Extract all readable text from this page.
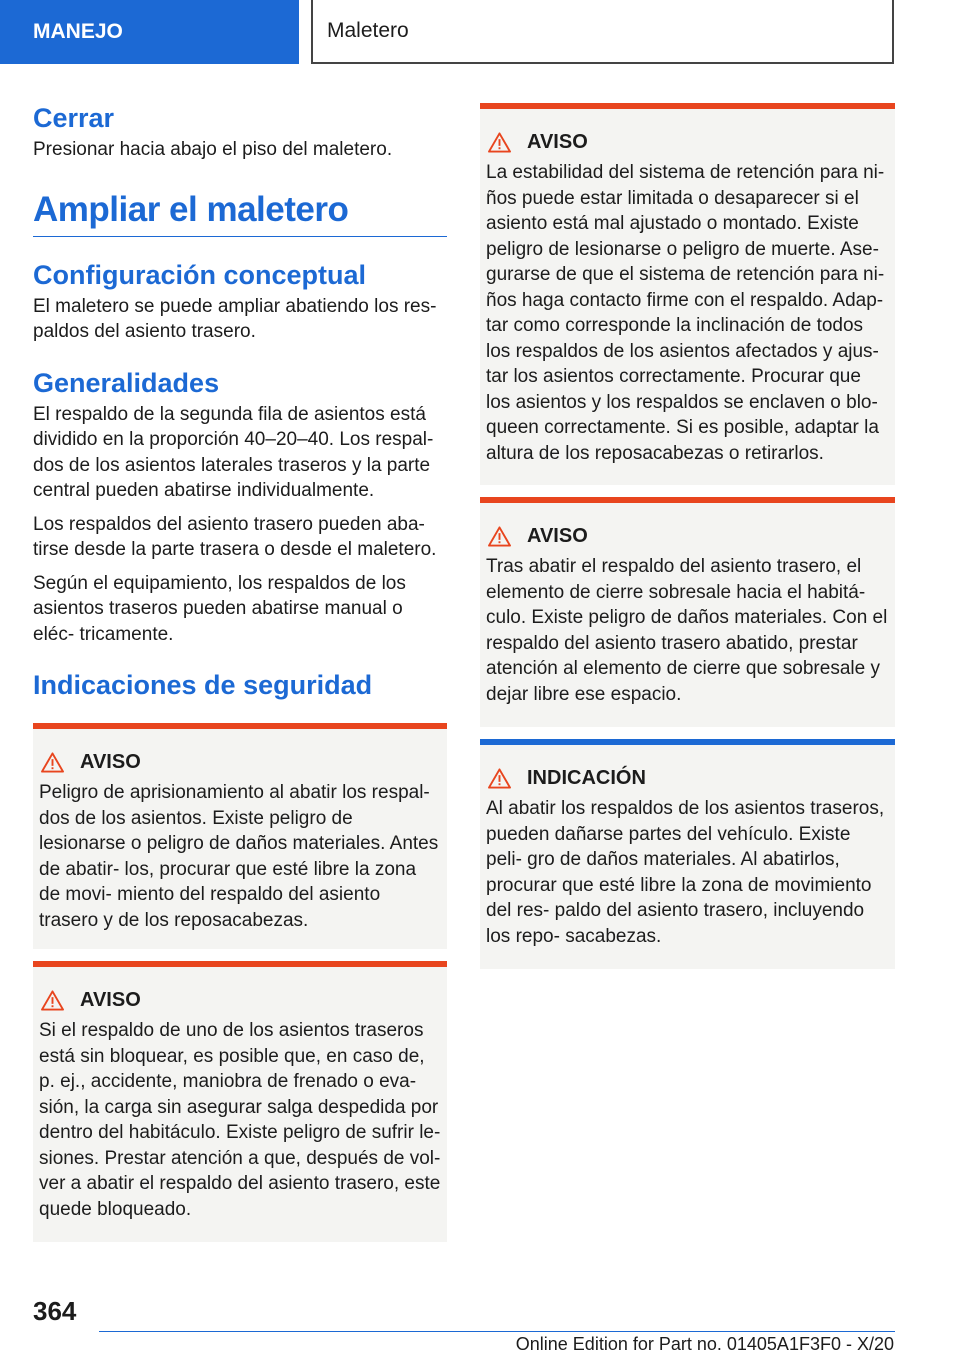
MANEJO	Maletero
Cerrar

Presionar hacia abajo el piso del maletero.

Ampliar el maletero
Configuración conceptual

El maletero se puede ampliar abatiendo los res‐ paldos del asiento trasero.

Generalidades

El respaldo de la segunda fila de asientos está dividido en la proporción 40–20–40. Los respal‐ dos de los asientos laterales traseros y la parte central pueden abatirse individualmente.

Los respaldos del asiento trasero pueden aba‐ tirse desde la parte trasera o desde el maletero.

Según el equipamiento, los respaldos de los asientos traseros pueden abatirse manual o eléc‐ tricamente.

Indicaciones de seguridad
AVISO

Peligro de aprisionamiento al abatir los respal‐ dos de los asientos. Existe peligro de lesionarse o peligro de daños materiales. Antes de abatir‐ los, procurar que esté libre la zona de movi‐ miento del respaldo del asiento trasero y de los reposacabezas.

AVISO

Si el respaldo de uno de los asientos traseros está sin bloquear, es posible que, en caso de, p. ej., accidente, maniobra de frenado o eva‐ sión, la carga sin asegurar salga despedida por dentro del habitáculo. Existe peligro de sufrir le‐ siones. Prestar atención a que, después de vol‐ ver a abatir el respaldo del asiento trasero, este quede bloqueado.

AVISO

La estabilidad del sistema de retención para ni‐ ños puede estar limitada o desaparecer si el asiento está mal ajustado o montado. Existe peligro de lesionarse o peligro de muerte. Ase‐ gurarse de que el sistema de retención para ni‐ ños haga contacto firme con el respaldo. Adap‐ tar como corresponde la inclinación de todos los respaldos de los asientos afectados y ajus‐ tar los asientos correctamente. Procurar que los asientos y los respaldos se enclaven o blo‐ queen correctamente. Si es posible, adaptar la altura de los reposacabezas o retirarlos.

AVISO

Tras abatir el respaldo del asiento trasero, el elemento de cierre sobresale hacia el habitá‐ culo. Existe peligro de daños materiales. Con el respaldo del asiento trasero abatido, prestar atención al elemento de cierre que sobresale y dejar libre ese espacio.

INDICACIÓN

Al abatir los respaldos de los asientos traseros, pueden dañarse partes del vehículo. Existe peli‐ gro de daños materiales. Al abatirlos, procurar que esté libre la zona de movimiento del res‐ paldo del asiento trasero, incluyendo los repo‐ sacabezas.

364
Online Edition for Part no. 01405A1F3F0 - X/20
